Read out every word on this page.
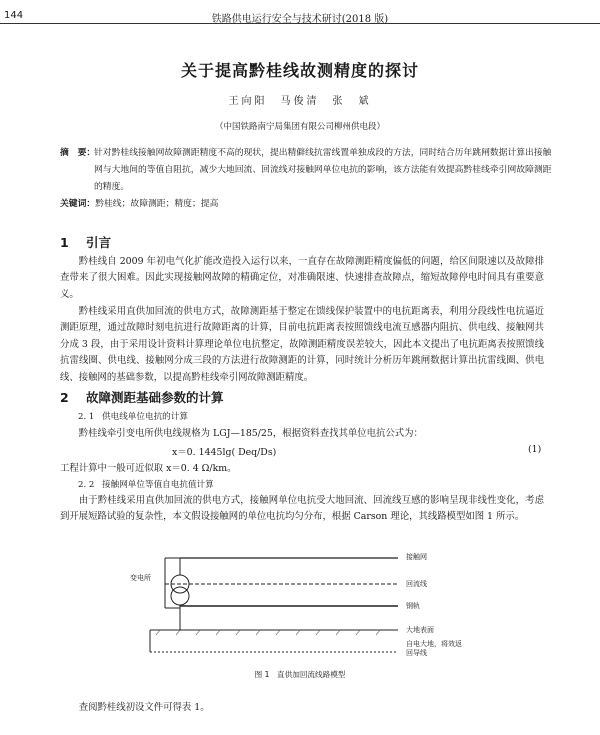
144	铁路供电运行安全与技术研讨(2018 版)
关于提高黔桂线故测精度的探讨
王向阳　马俊清　张　斌
（中国铁路南宁局集团有限公司柳州供电段）
摘　要：
针对黔桂线接触网故障测距精度不高的现状，提出精僻线抗雷线置单独成段的方法，同时结合历年跳闸数据计算出接触网与大地间的等值自阻抗，减少大地回流、回流线对接触网单位电抗的影响，该方法能有效提高黔桂线牵引网故障测距的精度。
关键词：黔桂线；故障测距；精度；提高
1 引言
黔桂线自 2009 年初电气化扩能改造投入运行以来，一直存在故障测距精度偏低的问题，给区间限速以及故障排查带来了很大困难。因此实现接触网故障的精确定位，对准确限速、快速排查故障点，缩短故障停电时间具有重要意义。
黔桂线采用直供加回流的供电方式，故障测距基于整定在馈线保护装置中的电抗距离表，利用分段线性电抗逼近测距原理，通过故障时刻电抗进行故障距离的计算，目前电抗距离表按照馈线电流互感器内阻抗、供电线、接触网共分成 3 段，由于采用设计资料计算理论单位电抗整定，故障测距精度误差较大，因此本文提出了电抗距离表按照馈线抗雷线圈、供电线、接触网分成三段的方法进行故障测距的计算，同时统计分析历年跳闸数据计算出抗雷线圈、供电线、接触网的基础参数，以提高黔桂线牵引网故障测距精度。
2 故障测距基础参数的计算
2. 1 供电线单位电抗的计算
黔桂线牵引变电所供电线规格为 LGJ—185/25，根据资料查找其单位电抗公式为：
x＝0. 1445lg( Deq/Ds)	(1)
工程计算中一般可近似取 x＝0. 4 Ω/km。
2. 2 接触网单位等值自电抗值计算
由于黔桂线采用直供加回流的供电方式，接触网单位电抗受大地回流、回流线互感的影响呈现非线性变化，考虑到开展短路试验的复杂性，本文假设接触网的单位电抗均匀分布，根据 Carson 理论，其线路模型如图 1 所示。
变电所
接触网
回流线
钢轨
大地表面
自电大地，将效返回导线
图 1　直供加回流线路模型
查阅黔桂线初设文件可得表 1。
